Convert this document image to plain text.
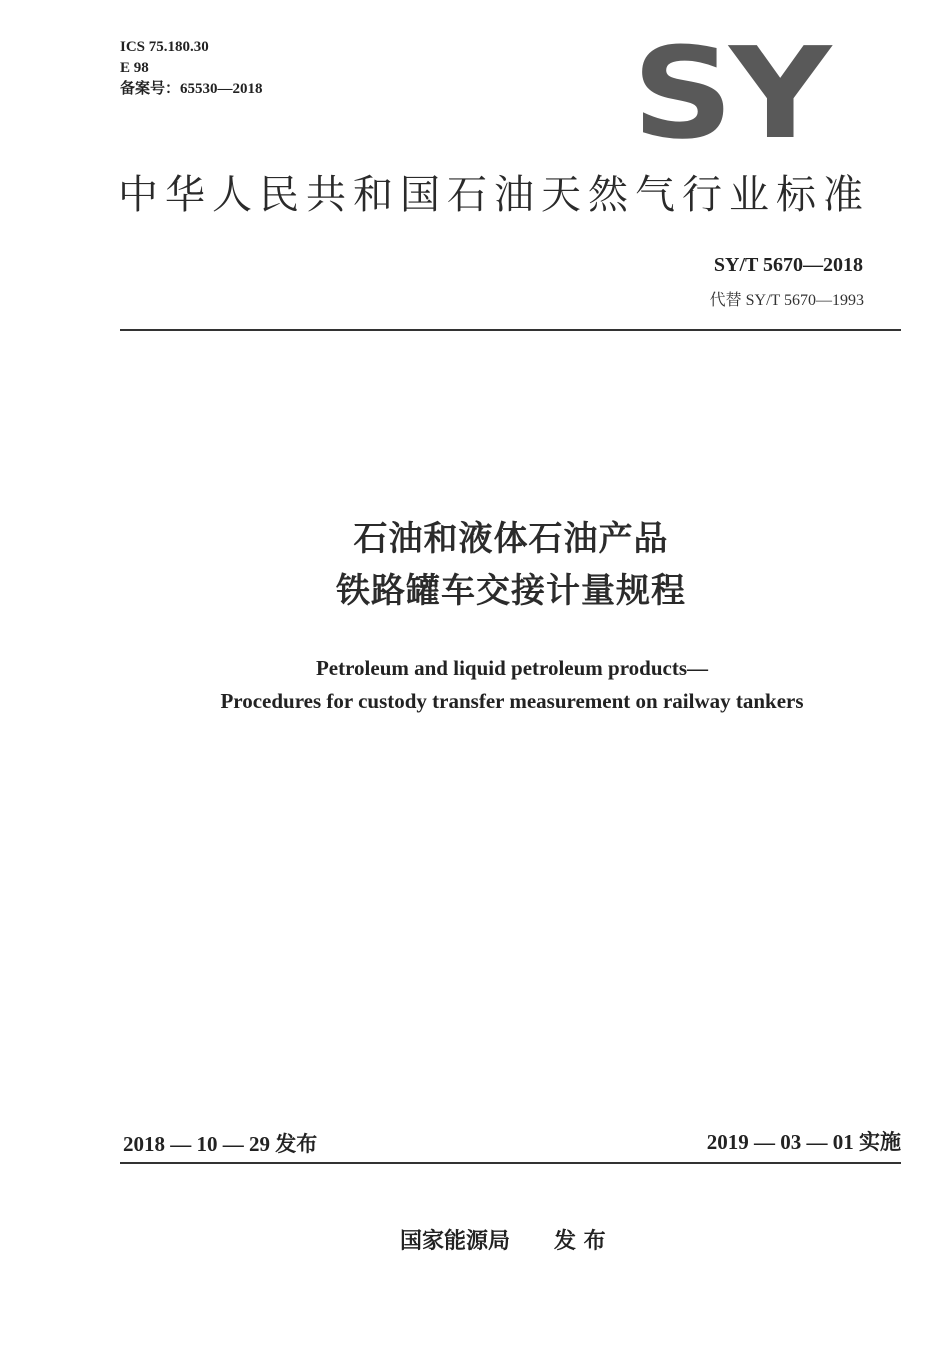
ICS 75.180.30
E 98
备案号：65530—2018	SY
中华人民共和国石油天然气行业标准
SY/T 5670—2018
代替 SY/T 5670—1993
石油和液体石油产品
铁路罐车交接计量规程
Petroleum and liquid petroleum products—
Procedures for custody transfer measurement on railway tankers
2018 — 10 — 29 发布	2019 — 03 — 01 实施
国家能源局 发 布
